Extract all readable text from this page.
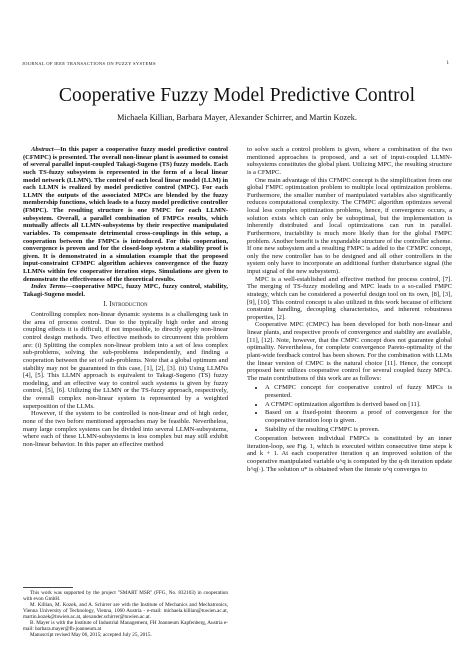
JOURNAL OF IEEE TRANSACTIONS ON FUZZY SYSTEMS	1
Cooperative Fuzzy Model Predictive Control
Michaela Killian, Barbara Mayer, Alexander Schirrer, and Martin Kozek.

Abstract—In this paper a cooperative fuzzy model predictive control (CFMPC) is presented. The overall non-linear plant is assumed to consist of several parallel input-coupled Takagi-Sugeno (TS) fuzzy models. Each such TS-fuzzy subsystem is represented in the form of a local linear model network (LLMN). The control of each local linear model (LLM) in each LLMN is realized by model predictive control (MPC). For each LLMN the outputs of the associated MPCs are blended by the fuzzy membership functions, which leads to a fuzzy model predictive controller (FMPC). The resulting structure is one FMPC for each LLMN-subsystem. Overall, a parallel combination of FMPCs results, which mutually affects all LLMN-subsystems by their respective manipulated variables. To compensate detrimental cross-couplings in this setup, a cooperation between the FMPCs is introduced. For this cooperation, convergence is proven and for the closed-loop system a stability proof is given. It is demonstrated in a simulation example that the proposed input-constraint CFMPC algorithm achieves convergence of the fuzzy LLMNs within few cooperative iteration steps. Simulations are given to demonstrate the effectiveness of the theoretical results.

Index Terms—cooperative MPC, fuzzy MPC, fuzzy control, stability, Takagi-Sugeno model.

I. Introduction

Controlling complex non-linear dynamic systems is a challenging task in the area of process control. Due to the typically high order and strong coupling effects it is difficult, if not impossible, to directly apply non-linear control design methods. Two effective methods to circumvent this problem are: (i) Splitting the complex non-linear problem into a set of less complex sub-problems, solving the sub-problems independently, and finding a cooperation between the set of sub-problems. Note that a global optimum and stability may not be guaranteed in this case, [1], [2], [3]. (ii) Using LLMNs [4], [5]. This LLMN approach is equivalent to Takagi-Sugeno (TS) fuzzy modeling, and an effective way to control such systems is given by fuzzy control, [5], [6]. Utilizing the LLMN or the TS-fuzzy approach, respectively, the overall complex non-linear system is represented by a weighted superposition of the LLMs.

However, if the system to be controlled is non-linear and of high order, none of the two before mentioned approaches may be feasible. Nevertheless, many large complex systems can be divided into several LLMN-subsystems, where each of these LLMN-subsystems is less complex but may still exhibit non-linear behavior. In this paper an effective method

This work was supported by the project "SMART MSR" (FFG, No. 832103) in cooperation with evon GmbH.

M. Killian, M. Kozek, and A. Schirrer are with the Institute of Mechanics and Mechatronics, Vienna University of Technology, Vienna, 1060 Austria - e-mail: michaela.killian@tuwien.ac.at, martin.kozek@tuwien.ac.at, alexander.schirrer@tuwien.ac.at.

B. Mayer is with the Institute of Industrial Management, FH Joanneum Kapfenberg, Austria e-mail: barbara.mayer@fh-joanneum.at

Manuscript revised May 06, 2015; accepted July 25, 2015.

to solve such a control problem is given, where a combination of the two mentioned approaches is proposed, and a set of input-coupled LLMN-subsystems constitutes the global plant. Utilizing MPC, the resulting structure is a CFMPC.

One main advantage of this CFMPC concept is the simplification from one global FMPC optimization problem to multiple local optimization problems. Furthermore, the smaller number of manipulated variables also significantly reduces computational complexity. The CFMPC algorithm optimizes several local less complex optimization problems, hence, if convergence occurs, a solution exists which can only be suboptimal, but the implementation is inherently distributed and local optimizations can run in parallel. Furthermore, tractability is much more likely than for the global FMPC problem. Another benefit is the expandable structure of the controller scheme. If one new subsystem and a resulting FMPC is added to the CFMPC concept, only the new controller has to be designed and all other controllers in the system only have to incorporate an additional further disturbance signal (the input signal of the new subsystem).

MPC is a well-established and effective method for process control, [7]. The merging of TS-fuzzy modeling and MPC leads to a so-called FMPC strategy, which can be considered a powerful design tool on its own, [8], [3], [9], [10]. This control concept is also utilized in this work because of efficient constraint handling, decoupling characteristics, and inherent robustness properties, [2].

Cooperative MPC (CMPC) has been developed for both non-linear and linear plants, and respective proofs of convergence and stability are available, [11], [12]. Note, however, that the CMPC concept does not guarantee global optimality. Nevertheless, for complete convergence Pareto-optimality of the plant-wide feedback control has been shown. For the combination with LLMs the linear version of CMPC is the natural choice [11]. Hence, the concept proposed here utilizes cooperative control for several coupled fuzzy MPCs. The main contributions of this work are as follows:

• A CFMPC concept for cooperative control of fuzzy MPCs is presented.
• A CFMPC optimization algorithm is derived based on [11].
• Based on a fixed-point theorem a proof of convergence for the cooperative iteration loop is given.
• Stability of the resulting CFMPC is proven.

Cooperation between individual FMPCs is constituted by an inner iteration-loop, see Fig. 1, which is executed within consecutive time steps k and k + 1. At each cooperative iteration q an improved solution of the cooperative manipulated variable u^q is computed by the q-th iteration update h^q(·). The solution u* is obtained when the iterate u^q converges to
